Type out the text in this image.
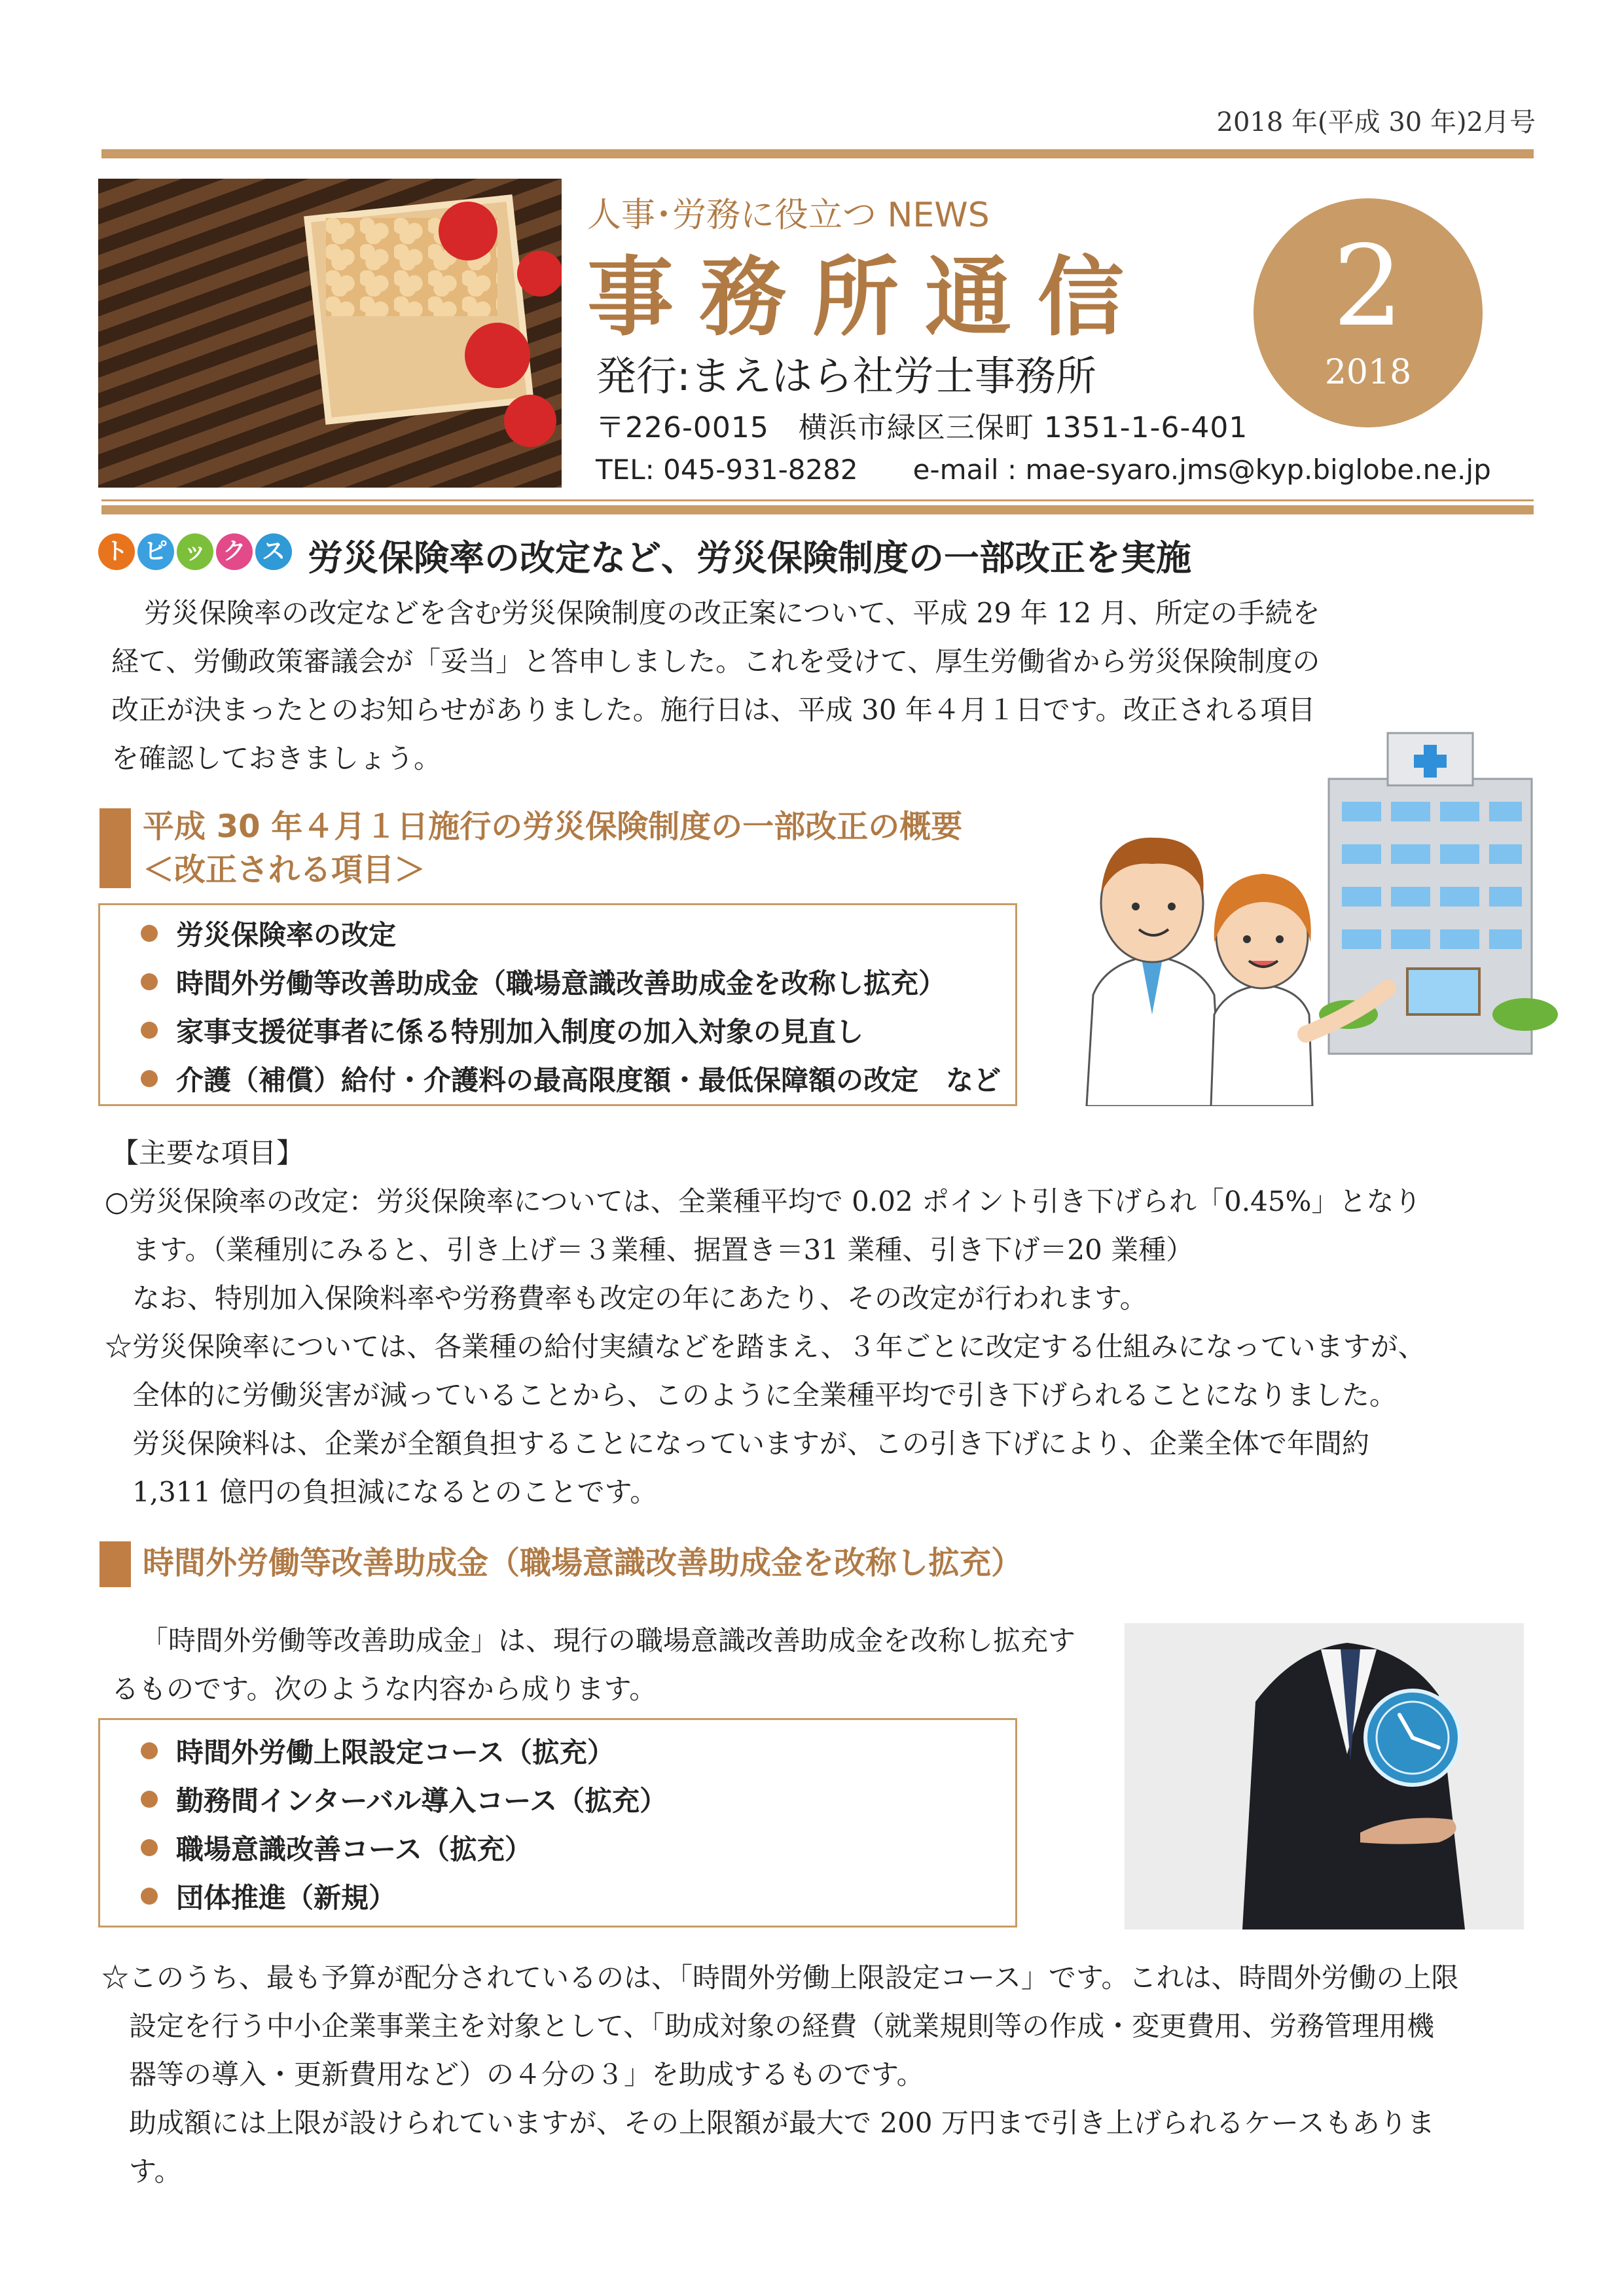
2018 年(平成 30 年)2月号
人事･労務に役立つ NEWS
事務所通信
発行:まえはら社労士事務所
〒226-0015　横浜市緑区三保町 1351-1-6-401
TEL: 045-931-8282　　e-mail : mae-syaro.jms@kyp.biglobe.ne.jp
2
2018
ト ピ ッ ク ス 労災保険率の改定など、労災保険制度の一部改正を実施
労災保険率の改定などを含む労災保険制度の改正案について、平成 29 年 12 月、所定の手続を
経て、労働政策審議会が「妥当」と答申しました。これを受けて、厚生労働省から労災保険制度の
改正が決まったとのお知らせがありました。施行日は、平成 30 年４月１日です。改正される項目
を確認しておきましょう。
平成 30 年４月１日施行の労災保険制度の一部改正の概要
＜改正される項目＞
労災保険率の改定
時間外労働等改善助成金（職場意識改善助成金を改称し拡充）
家事支援従事者に係る特別加入制度の加入対象の見直し
介護（補償）給付・介護料の最高限度額・最低保障額の改定　など

【主要な項目】

○労災保険率の改定：労災保険率については、全業種平均で 0.02 ポイント引き下げられ「0.45%」となり

　ます。（業種別にみると、引き上げ＝３業種、据置き＝31 業種、引き下げ＝20 業種）

　なお、特別加入保険料率や労務費率も改定の年にあたり、その改定が行われます。

☆労災保険率については、各業種の給付実績などを踏まえ、３年ごとに改定する仕組みになっていますが、

　全体的に労働災害が減っていることから、このように全業種平均で引き下げられることになりました。

　労災保険料は、企業が全額負担することになっていますが、この引き下げにより、企業全体で年間約

　1,311 億円の負担減になるとのことです。

時間外労働等改善助成金（職場意識改善助成金を改称し拡充）
「時間外労働等改善助成金」は、現行の職場意識改善助成金を改称し拡充す
るものです。次のような内容から成ります。
時間外労働上限設定コース（拡充）
勤務間インターバル導入コース（拡充）
職場意識改善コース（拡充）
団体推進（新規）

☆このうち、最も予算が配分されているのは、「時間外労働上限設定コース」です。これは、時間外労働の上限

　設定を行う中小企業事業主を対象として、「助成対象の経費（就業規則等の作成・変更費用、労務管理用機

　器等の導入・更新費用など）の４分の３」を助成するものです。

　助成額には上限が設けられていますが、その上限額が最大で 200 万円まで引き上げられるケースもありま

　す。
